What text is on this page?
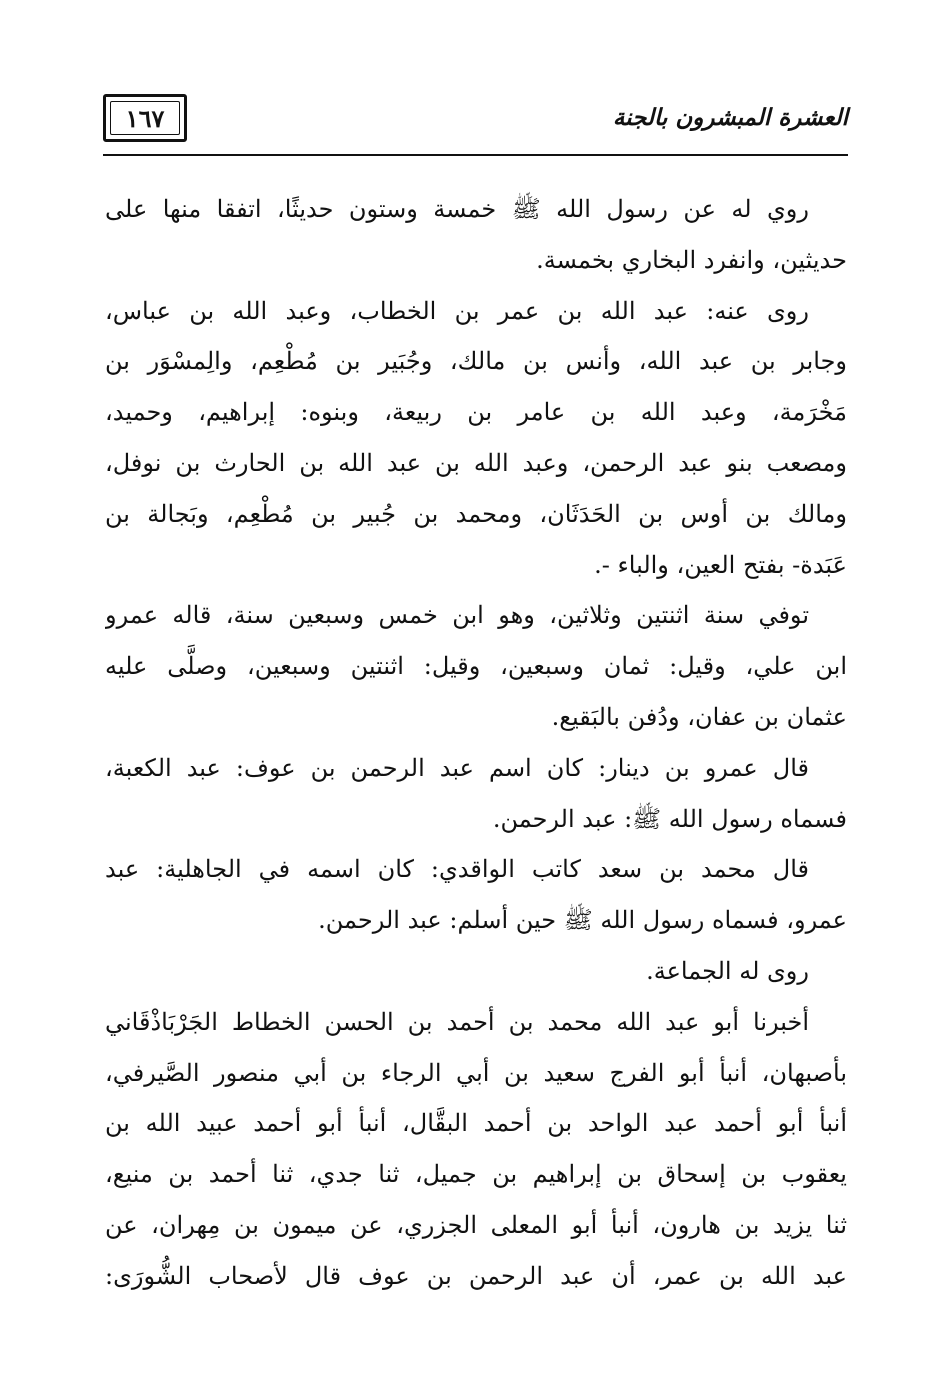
١٦٧	العشرة المبشرون بالجنة
روي له عن رسول الله ﷺ خمسة وستون حديثًا، اتفقا منها على
حديثين، وانفرد البخاري بخمسة.
روى عنه: عبد الله بن عمر بن الخطاب، وعبد الله بن عباس،
وجابر بن عبد الله، وأنس بن مالك، وجُبَير بن مُطْعِم، والِمسْوَر بن
مَخْرَمة، وعبد الله بن عامر بن ربيعة، وبنوه: إبراهيم، وحميد،
ومصعب بنو عبد الرحمن، وعبد الله بن عبد الله بن الحارث بن نوفل،
ومالك بن أوس بن الحَدَثَان، ومحمد بن جُبير بن مُطْعِم، وبَجالة بن
عَبَدة- بفتح العين، والباء -.
توفي سنة اثنتين وثلاثين، وهو ابن خمس وسبعين سنة، قاله عمرو
ابن علي، وقيل: ثمان وسبعين، وقيل: اثنتين وسبعين، وصلَّى عليه
عثمان بن عفان، ودُفن بالبَقيع.
قال عمرو بن دينار: كان اسم عبد الرحمن بن عوف: عبد الكعبة،
فسماه رسول الله ﷺ: عبد الرحمن.
قال محمد بن سعد كاتب الواقدي: كان اسمه في الجاهلية: عبد
عمرو، فسماه رسول الله ﷺ حين أسلم: عبد الرحمن.
روى له الجماعة.
أخبرنا أبو عبد الله محمد بن أحمد بن الحسن الخطاط الجَرْبَاذْقَاني
بأصبهان، أنبأ أبو الفرج سعيد بن أبي الرجاء بن أبي منصور الصَّيرفي،
أنبأ أبو أحمد عبد الواحد بن أحمد البقَّال، أنبأ أبو أحمد عبيد الله بن
يعقوب بن إسحاق بن إبراهيم بن جميل، ثنا جدي، ثنا أحمد بن منيع،
ثنا يزيد بن هارون، أنبأ أبو المعلى الجزري، عن ميمون بن مِهران، عن
عبد الله بن عمر، أن عبد الرحمن بن عوف قال لأصحاب الشُّورَى:
